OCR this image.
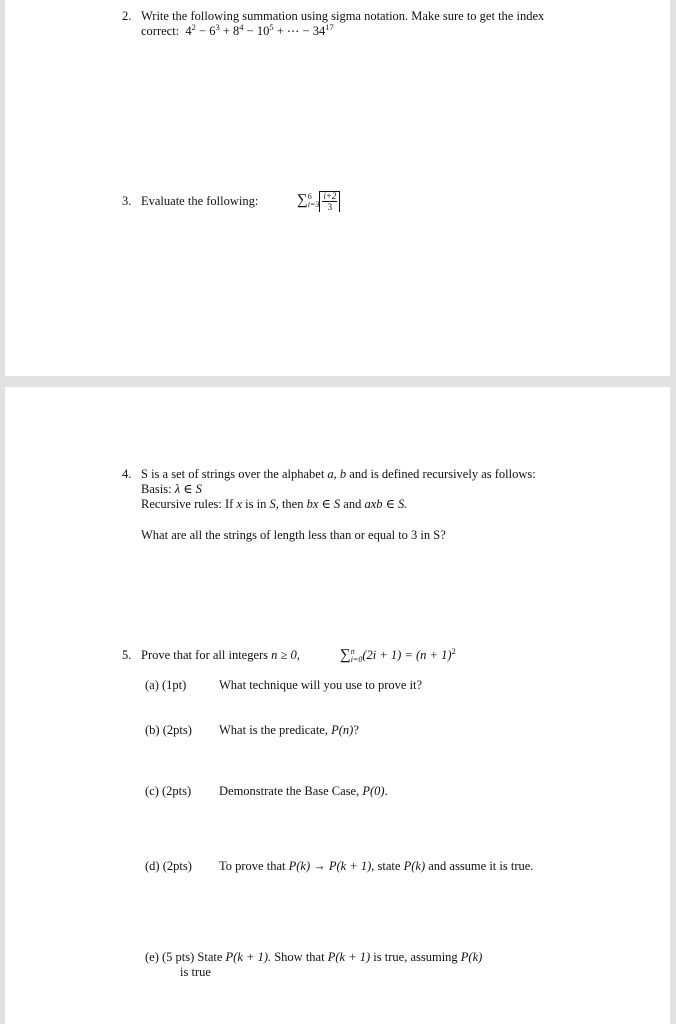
2. Write the following summation using sigma notation. Make sure to get the index
correct: $4^2 - 6^3 + 8^4 - 10^5$ + ⋯ − $34^{17}$
3. Evaluate the following:	∑ 6
$i=3 \frac{i+2}{3}$
4. S is a set of strings over the alphabet a, b and is defined recursively as follows:
Basis: λ ∈ S
Recursive rules: If x is in S, then bx ∈ S and axb ∈ S.
What are all the strings of length less than or equal to 3 in S?
5. Prove that for all integers n ≥ 0,	∑ n
i=0 $(2i + 1) = (n + 1)^2$
(a) (1pt)	What technique will you use to prove it?
(b) (2pts) What is the predicate, P(n)?
(c) (2pts) Demonstrate the Base Case, P(0).
(d) (2pts) To prove that P(k) → P(k + 1), state P(k) and assume it is true.
(e) (5 pts) State P(k + 1). Show that P(k + 1) is true, assuming P(k)
is true
